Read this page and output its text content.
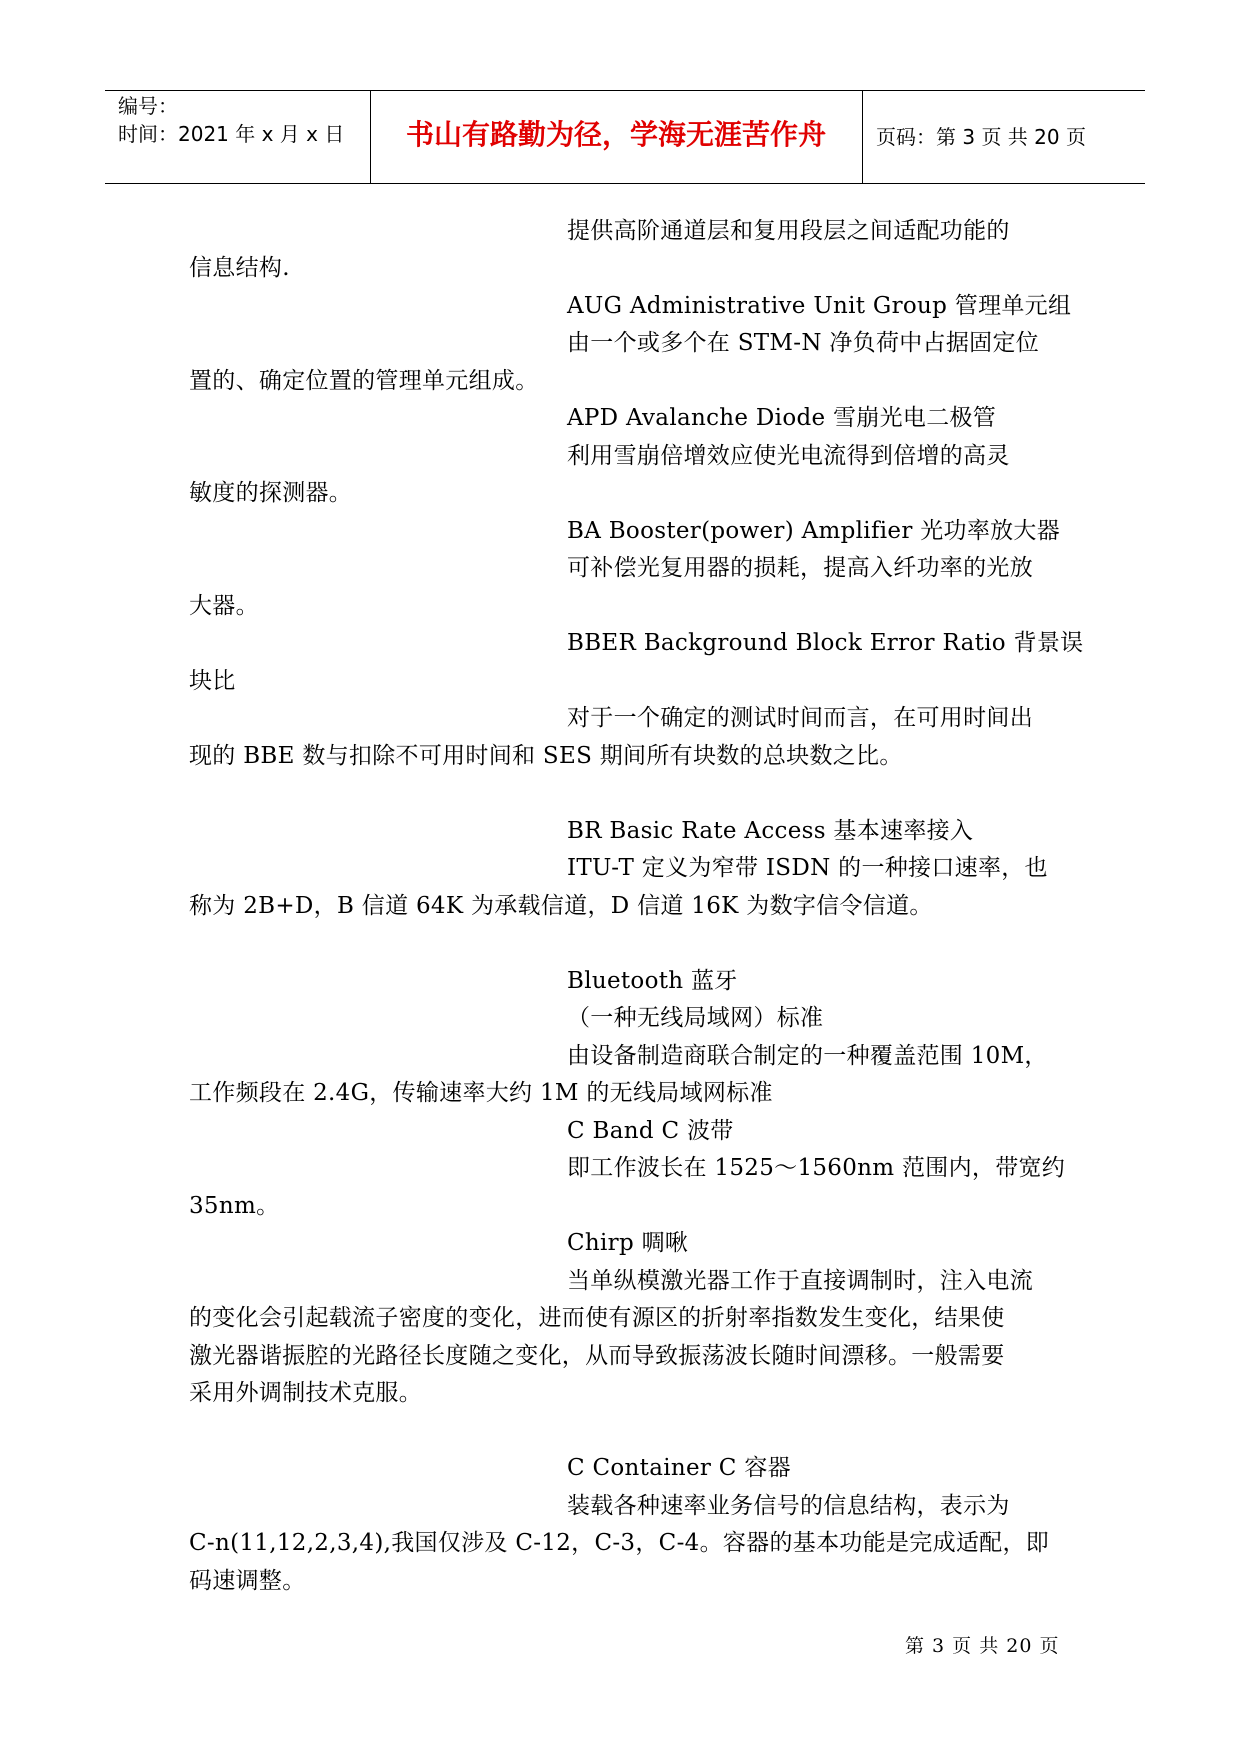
编号：
时间：2021 年 x 月 x 日	书山有路勤为径，学海无涯苦作舟	页码：第 3 页 共 20 页
提供高阶通道层和复用段层之间适配功能的
信息结构.
AUG Administrative Unit Group 管理单元组
由一个或多个在 STM-N 净负荷中占据固定位
置的、确定位置的管理单元组成。
APD Avalanche Diode 雪崩光电二极管
利用雪崩倍增效应使光电流得到倍增的高灵
敏度的探测器。
BA Booster(power) Amplifier 光功率放大器
可补偿光复用器的损耗，提高入纤功率的光放
大器。
BBER Background Block Error Ratio 背景误
块比
对于一个确定的测试时间而言，在可用时间出
现的 BBE 数与扣除不可用时间和 SES 期间所有块数的总块数之比。
BR Basic Rate Access 基本速率接入
ITU-T 定义为窄带 ISDN 的一种接口速率，也
称为 2B+D，B 信道 64K 为承载信道，D 信道 16K 为数字信令信道。
Bluetooth 蓝牙
（一种无线局域网）标准
由设备制造商联合制定的一种覆盖范围 10M，
工作频段在 2.4G，传输速率大约 1M 的无线局域网标准
C Band C 波带
即工作波长在 1525～1560nm 范围内，带宽约
35nm。
Chirp 啁啾
当单纵模激光器工作于直接调制时，注入电流
的变化会引起载流子密度的变化，进而使有源区的折射率指数发生变化，结果使
激光器谐振腔的光路径长度随之变化，从而导致振荡波长随时间漂移。一般需要
采用外调制技术克服。
C Container C 容器
装载各种速率业务信号的信息结构，表示为
C-n(11,12,2,3,4),我国仅涉及 C-12，C-3，C-4。容器的基本功能是完成适配，即
码速调整。
第 3 页 共 20 页
